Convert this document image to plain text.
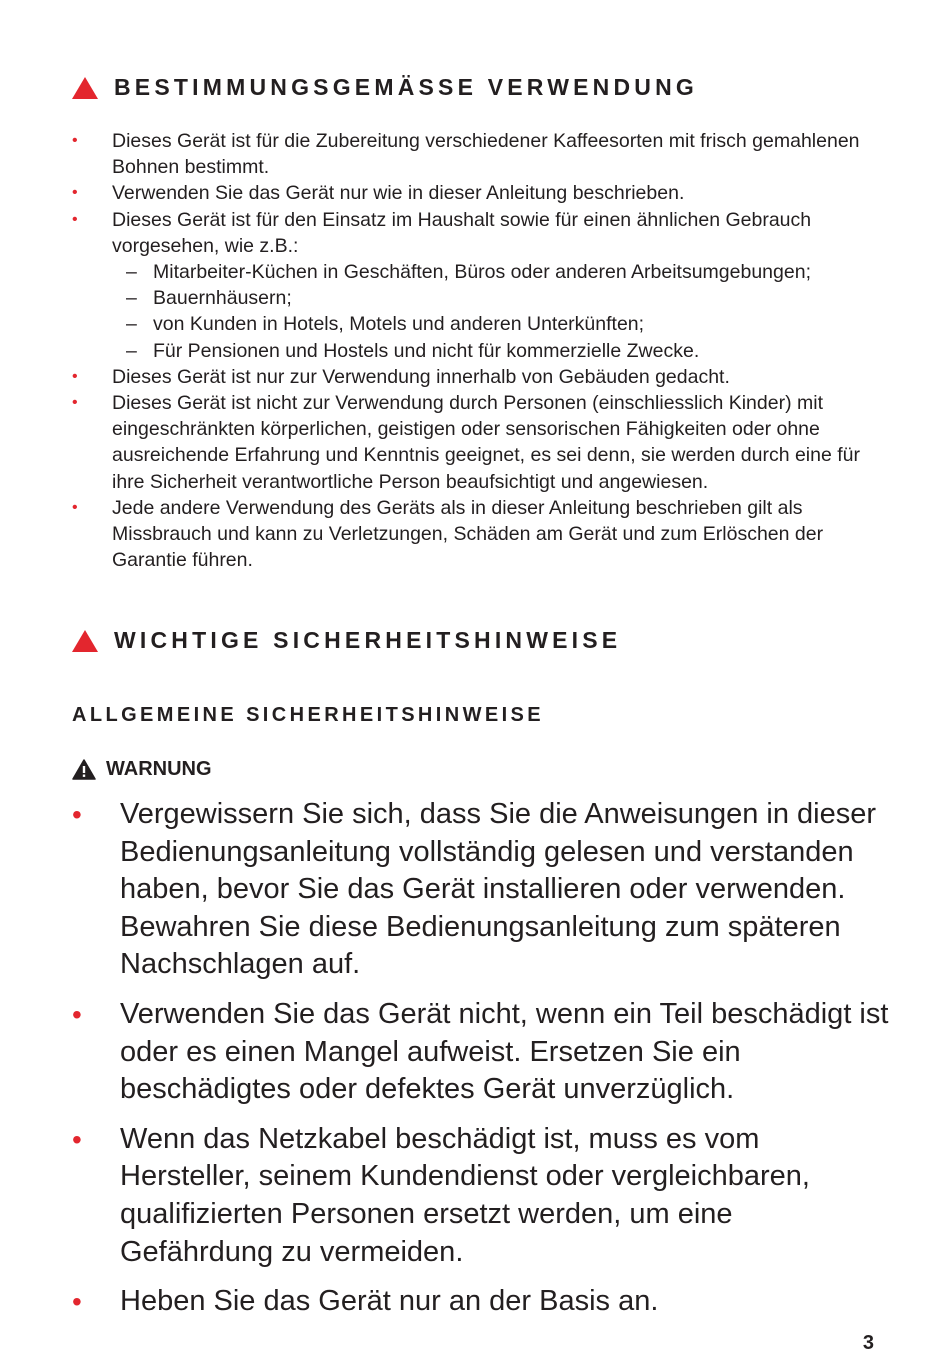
BESTIMMUNGSGEMÄSSE VERWENDUNG
• Dieses Gerät ist für die Zubereitung verschiedener Kaffeesorten mit frisch gemahlenen Bohnen bestimmt.
• Verwenden Sie das Gerät nur wie in dieser Anleitung beschrieben.
• Dieses Gerät ist für den Einsatz im Haushalt sowie für einen ähnlichen Gebrauch vorgesehen, wie z.B.:
– Mitarbeiter-Küchen in Geschäften, Büros oder anderen Arbeitsumgebungen;
– Bauernhäusern;
– von Kunden in Hotels, Motels und anderen Unterkünften;
– Für Pensionen und Hostels und nicht für kommerzielle Zwecke.
• Dieses Gerät ist nur zur Verwendung innerhalb von Gebäuden gedacht.
• Dieses Gerät ist nicht zur Verwendung durch Personen (einschliesslich Kinder) mit eingeschränkten körperlichen, geistigen oder sensorischen Fähigkeiten oder ohne ausreichende Erfahrung und Kenntnis geeignet, es sei denn, sie werden durch eine für ihre Sicherheit verantwortliche Person beaufsichtigt und angewiesen.
• Jede andere Verwendung des Geräts als in dieser Anleitung beschrieben gilt als Missbrauch und kann zu Verletzungen, Schäden am Gerät und zum Erlöschen der Garantie führen.
WICHTIGE SICHERHEITSHINWEISE
ALLGEMEINE SICHERHEITSHINWEISE
WARNUNG
• Vergewissern Sie sich, dass Sie die Anweisungen in dieser Bedienungsanleitung vollständig gelesen und verstanden haben, bevor Sie das Gerät installieren oder verwenden. Bewahren Sie diese Bedienungsanleitung zum späteren Nachschlagen auf.
• Verwenden Sie das Gerät nicht, wenn ein Teil beschädigt ist oder es einen Mangel aufweist. Ersetzen Sie ein beschädigtes oder defektes Gerät unverzüglich.
• Wenn das Netzkabel beschädigt ist, muss es vom Hersteller, seinem Kundendienst oder vergleichbaren, qualifizierten Personen ersetzt werden, um eine Gefährdung zu vermeiden.
• Heben Sie das Gerät nur an der Basis an.
3
